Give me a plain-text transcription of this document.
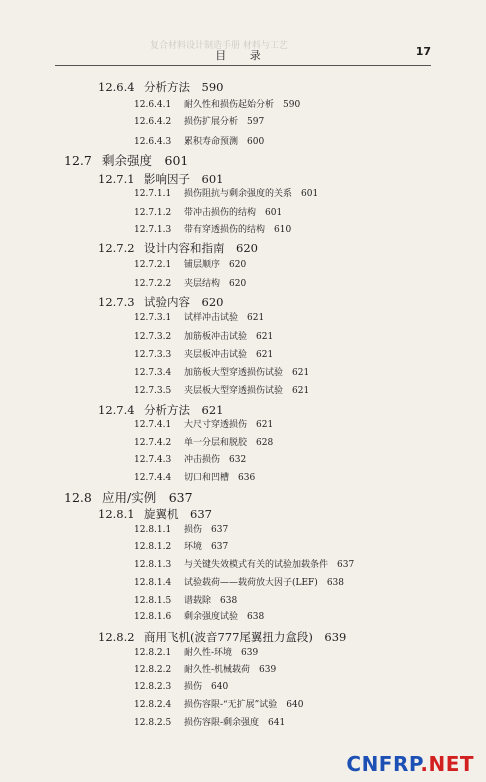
复合材料设计制造手册 材料与工艺
目 录	17
12.6.4 分析方法  590
12.6.4.1 耐久性和损伤起始分析  590
12.6.4.2 损伤扩展分析  597
12.6.4.3 累积寿命预测  600
12.7 剩余强度  601
12.7.1 影响因子  601
12.7.1.1 损伤阻抗与剩余强度的关系  601
12.7.1.2 带冲击损伤的结构  601
12.7.1.3 带有穿透损伤的结构  610
12.7.2 设计内容和指南  620
12.7.2.1 铺层顺序  620
12.7.2.2 夹层结构  620
12.7.3 试验内容  620
12.7.3.1 试样冲击试验  621
12.7.3.2 加筋板冲击试验  621
12.7.3.3 夹层板冲击试验  621
12.7.3.4 加筋板大型穿透损伤试验  621
12.7.3.5 夹层板大型穿透损伤试验  621
12.7.4 分析方法  621
12.7.4.1 大尺寸穿透损伤  621
12.7.4.2 单一分层和脱胶  628
12.7.4.3 冲击损伤  632
12.7.4.4 切口和凹槽  636
12.8 应用/实例  637
12.8.1 旋翼机  637
12.8.1.1 损伤  637
12.8.1.2 环境  637
12.8.1.3 与关键失效模式有关的试验加载条件  637
12.8.1.4 试验载荷——载荷放大因子(LEF)  638
12.8.1.5 谱载除  638
12.8.1.6 剩余强度试验  638
12.8.2 商用飞机(波音777尾翼扭力盒段)  639
12.8.2.1 耐久性-环境  639
12.8.2.2 耐久性-机械载荷  639
12.8.2.3 损伤  640
12.8.2.4 损伤容限-“无扩展”试验  640
12.8.2.5 损伤容限-剩余强度  641
CNFRP.NET
